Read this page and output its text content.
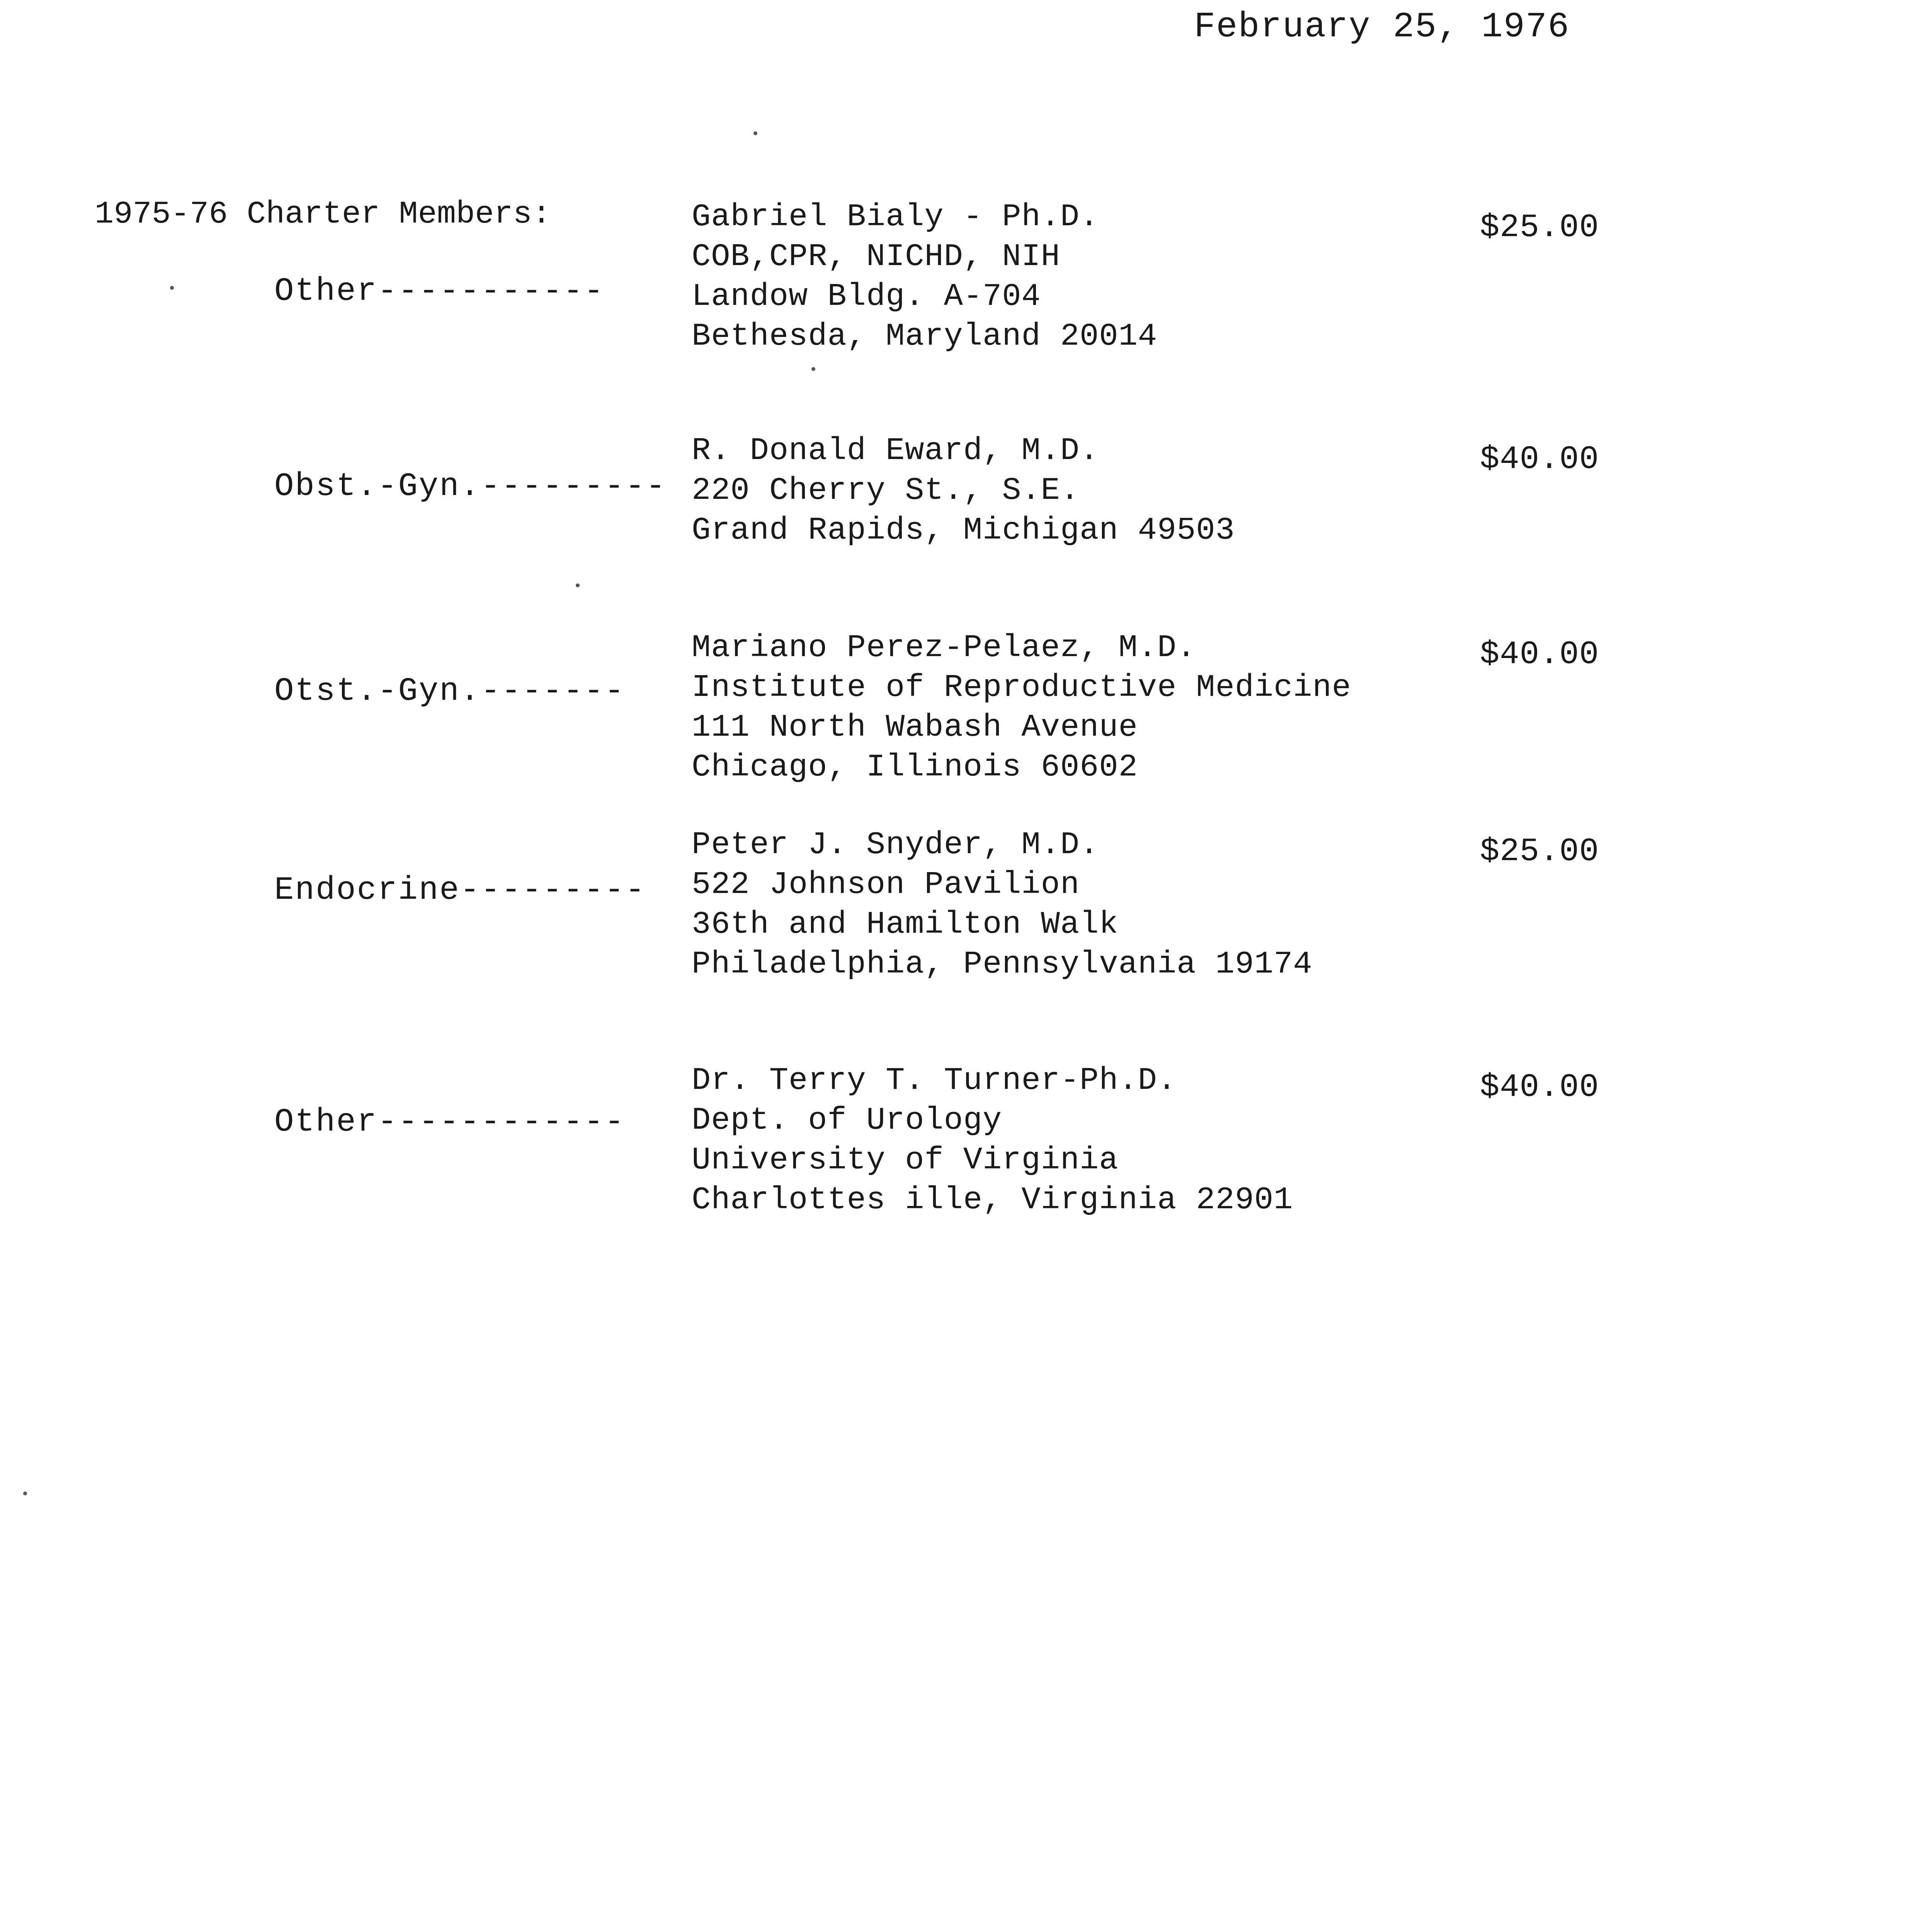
February 25, 1976
1975-76 Charter Members:
Other-----------
Gabriel Bialy - Ph.D.
COB,CPR, NICHD, NIH
Landow Bldg. A-704
Bethesda, Maryland 20014
$25.00
Obst.-Gyn.---------
R. Donald Eward, M.D.
220 Cherry St., S.E.
Grand Rapids, Michigan 49503
$40.00
Otst.-Gyn.-------
Mariano Perez-Pelaez, M.D.
Institute of Reproductive Medicine
111 North Wabash Avenue
Chicago, Illinois 60602
$40.00
Endocrine---------
Peter J. Snyder, M.D.
522 Johnson Pavilion
36th and Hamilton Walk
Philadelphia, Pennsylvania 19174
$25.00
Other------------
Dr. Terry T. Turner-Ph.D.
Dept. of Urology
University of Virginia
Charlottes ille, Virginia 22901
$40.00
